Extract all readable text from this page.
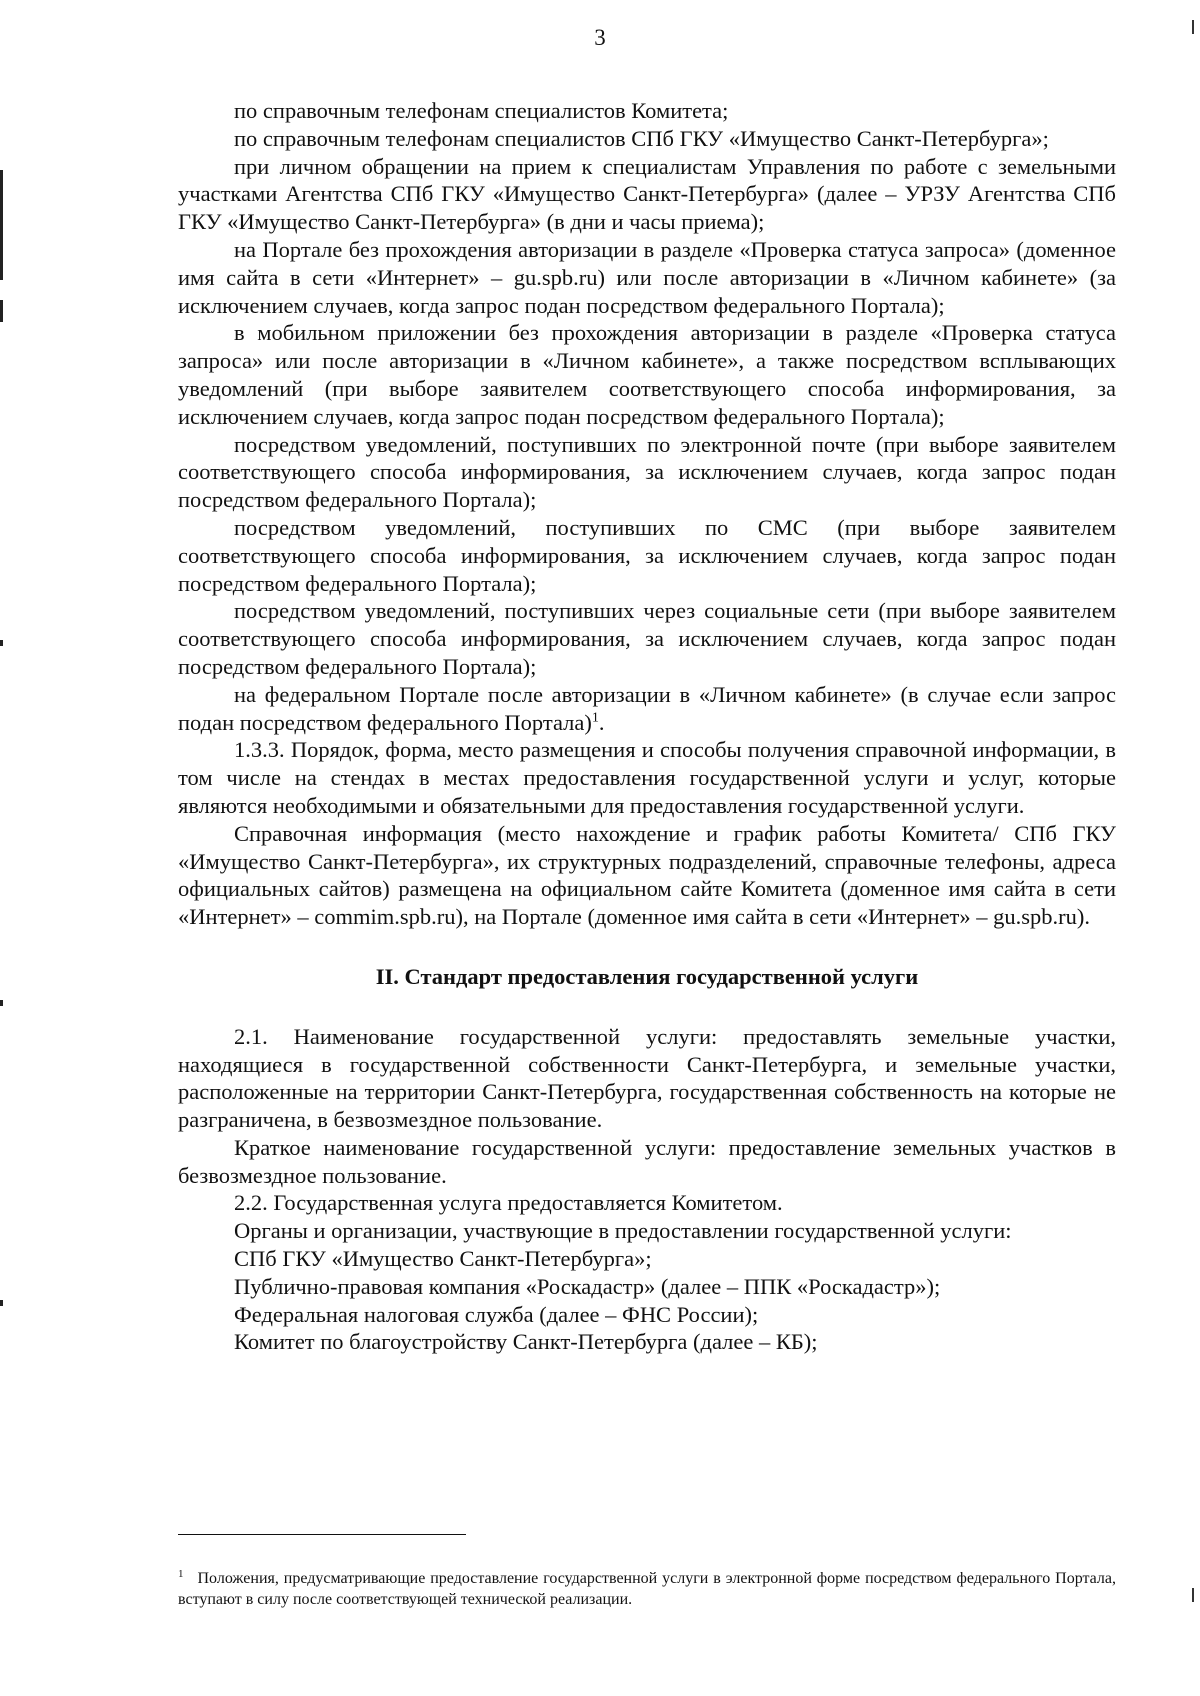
3

по справочным телефонам специалистов Комитета;

по справочным телефонам специалистов СПб ГКУ «Имущество Санкт-Петербурга»;

при личном обращении на прием к специалистам Управления по работе с земельными участками Агентства СПб ГКУ «Имущество Санкт-Петербурга» (далее – УРЗУ Агентства СПб ГКУ «Имущество Санкт-Петербурга» (в дни и часы приема);

на Портале без прохождения авторизации в разделе «Проверка статуса запроса» (доменное имя сайта в сети «Интернет» – gu.spb.ru) или после авторизации в «Личном кабинете» (за исключением случаев, когда запрос подан посредством федерального Портала);

в мобильном приложении без прохождения авторизации в разделе «Проверка статуса запроса» или после авторизации в «Личном кабинете», а также посредством всплывающих уведомлений (при выборе заявителем соответствующего способа информирования, за исключением случаев, когда запрос подан посредством федерального Портала);

посредством уведомлений, поступивших по электронной почте (при выборе заявителем соответствующего способа информирования, за исключением случаев, когда запрос подан посредством федерального Портала);

посредством уведомлений, поступивших по СМС (при выборе заявителем соответствующего способа информирования, за исключением случаев, когда запрос подан посредством федерального Портала);

посредством уведомлений, поступивших через социальные сети (при выборе заявителем соответствующего способа информирования, за исключением случаев, когда запрос подан посредством федерального Портала);

на федеральном Портале после авторизации в «Личном кабинете» (в случае если запрос подан посредством федерального Портала)$^1$.

1.3.3. Порядок, форма, место размещения и способы получения справочной информации, в том числе на стендах в местах предоставления государственной услуги и услуг, которые являются необходимыми и обязательными для предоставления государственной услуги.

Справочная информация (место нахождение и график работы Комитета/ СПб ГКУ «Имущество Санкт-Петербурга», их структурных подразделений, справочные телефоны, адреса официальных сайтов) размещена на официальном сайте Комитета (доменное имя сайта в сети «Интернет» – commim.spb.ru), на Портале (доменное имя сайта в сети «Интернет» – gu.spb.ru).

II. Стандарт предоставления государственной услуги

2.1. Наименование государственной услуги: предоставлять земельные участки, находящиеся в государственной собственности Санкт-Петербурга, и земельные участки, расположенные на территории Санкт-Петербурга, государственная собственность на которые не разграничена, в безвозмездное пользование.

Краткое наименование государственной услуги: предоставление земельных участков в безвозмездное пользование.

2.2. Государственная услуга предоставляется Комитетом.

Органы и организации, участвующие в предоставлении государственной услуги:

СПб ГКУ «Имущество Санкт-Петербурга»;

Публично-правовая компания «Роскадастр» (далее – ППК «Роскадастр»);

Федеральная налоговая служба (далее – ФНС России);

Комитет по благоустройству Санкт-Петербурга (далее – КБ);

$^1$ Положения, предусматривающие предоставление государственной услуги в электронной форме посредством федерального Портала, вступают в силу после соответствующей технической реализации.
